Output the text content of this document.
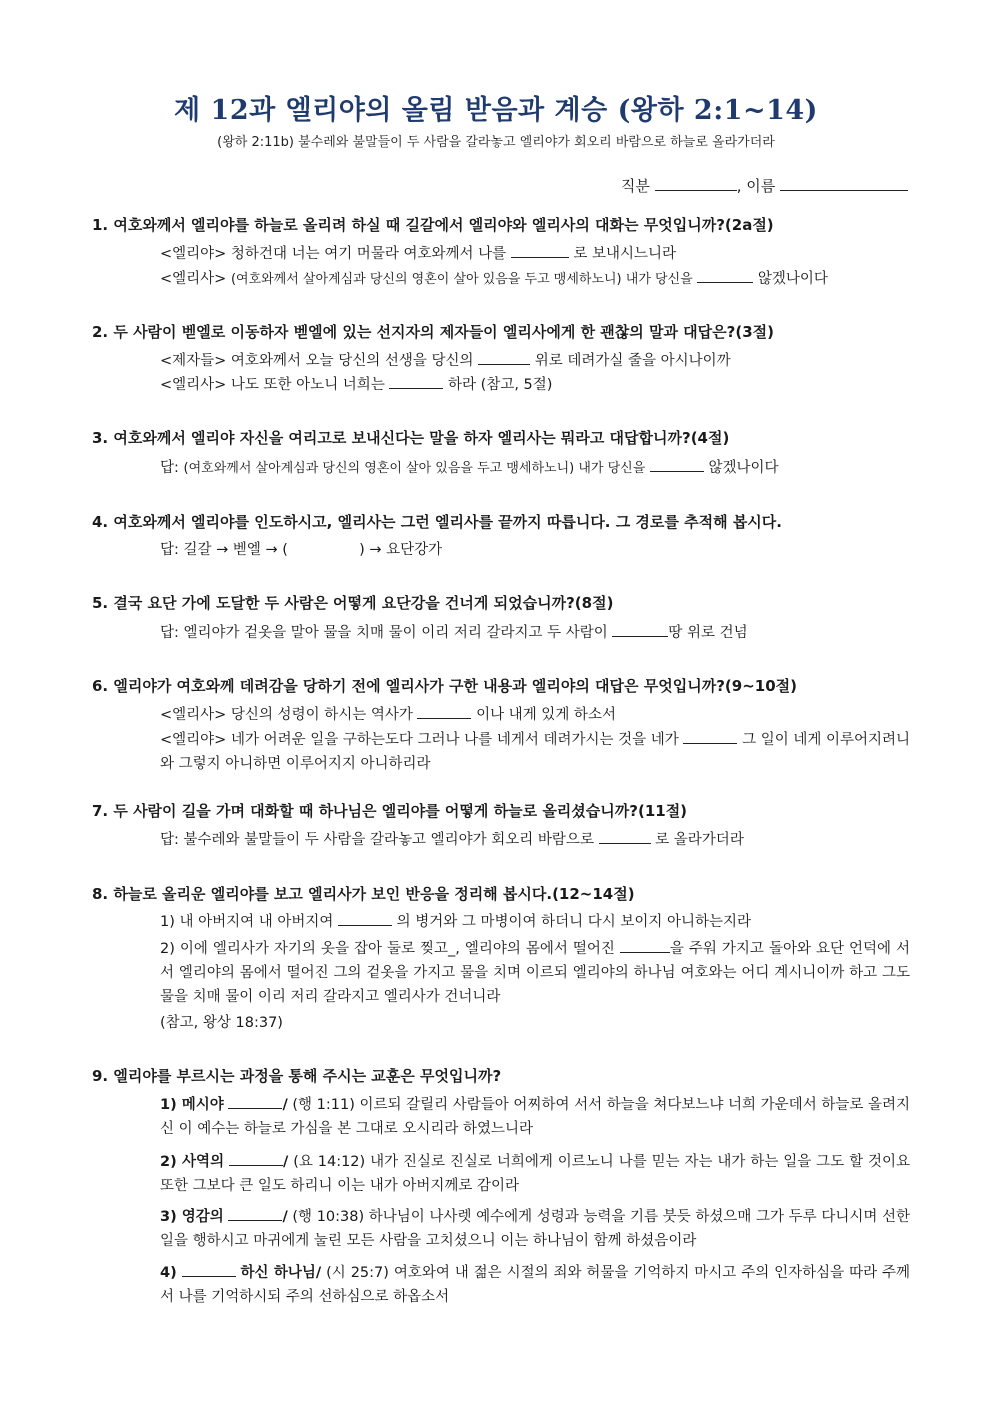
제 12과 엘리야의 올림 받음과 계승 (왕하 2:1~14)
(왕하 2:11b) 불수레와 불말들이 두 사람을 갈라놓고 엘리야가 회오리 바람으로 하늘로 올라가더라
직분	, 이름
1. 여호와께서 엘리야를 하늘로 올리려 하실 때 길갈에서 엘리야와 엘리사의 대화는 무엇입니까?(2a절)
<엘리야> 청하건대 너는 여기 머물라 여호와께서 나를	로 보내시느니라
<엘리사> (여호와께서 살아계심과 당신의 영혼이 살아 있음을 두고 맹세하노니) 내가 당신을	않겠나이다
2. 두 사람이 벧엘로 이동하자 벧엘에 있는 선지자의 제자들이 엘리사에게 한 괜찮의 말과 대답은?(3절)
<제자들> 여호와께서 오늘 당신의 선생을 당신의	위로 데려가실 줄을 아시나이까
<엘리사> 나도 또한 아노니 너희는	하라 (참고, 5절)
3. 여호와께서 엘리야 자신을 여리고로 보내신다는 말을 하자 엘리사는 뭐라고 대답합니까?(4절)
답: (여호와께서 살아계심과 당신의 영혼이 살아 있음을 두고 맹세하노니) 내가 당신을	않겠나이다
4. 여호와께서 엘리야를 인도하시고, 엘리사는 그런 엘리사를 끝까지 따릅니다. 그 경로를 추적해 봅시다.
답: 길갈 → 벧엘 → (	) → 요단강가
5. 결국 요단 가에 도달한 두 사람은 어떻게 요단강을 건너게 되었습니까?(8절)
답: 엘리야가 겉옷을 말아 물을 치매 물이 이리 저리 갈라지고 두 사람이	땅 위로 건넘
6. 엘리야가 여호와께 데려감을 당하기 전에 엘리사가 구한 내용과 엘리야의 대답은 무엇입니까?(9~10절)
<엘리사> 당신의 성령이 하시는 역사가	이나 내게 있게 하소서
<엘리야> 네가 어려운 일을 구하는도다 그러나 나를 네게서 데려가시는 것을 네가	그 일이 네게 이루어지려니와 그렇지 아니하면 이루어지지 아니하리라
7. 두 사람이 길을 가며 대화할 때 하나님은 엘리야를 어떻게 하늘로 올리셨습니까?(11절)
답: 불수레와 불말들이 두 사람을 갈라놓고 엘리야가 회오리 바람으로	로 올라가더라
8. 하늘로 올리운 엘리야를 보고 엘리사가 보인 반응을 정리해 봅시다.(12~14절)
1) 내 아버지여 내 아버지여	의 병거와 그 마병이여 하더니 다시 보이지 아니하는지라
2) 이에 엘리사가 자기의 옷을 잡아 둘로 찢고_, 엘리야의 몸에서 떨어진	을 주워 가지고 돌아와 요단 언덕에 서서 엘리야의 몸에서 떨어진 그의 겉옷을 가지고 물을 치며 이르되 엘리야의 하나님 여호와는 어디 계시니이까 하고 그도 물을 치매 물이 이리 저리 갈라지고 엘리사가 건너니라
(참고, 왕상 18:37)
9. 엘리야를 부르시는 과정을 통해 주시는 교훈은 무엇입니까?
1) 메시야	/ (행 1:11) 이르되 갈릴리 사람들아 어찌하여 서서 하늘을 쳐다보느냐 너희 가운데서 하늘로 올려지신 이 예수는 하늘로 가심을 본 그대로 오시리라 하였느니라
2) 사역의	/ (요 14:12) 내가 진실로 진실로 너희에게 이르노니 나를 믿는 자는 내가 하는 일을 그도 할 것이요 또한 그보다 큰 일도 하리니 이는 내가 아버지께로 감이라
3) 영감의	/ (행 10:38) 하나님이 나사렛 예수에게 성령과 능력을 기름 붓듯 하셨으매 그가 두루 다니시며 선한 일을 행하시고 마귀에게 눌린 모든 사람을 고치셨으니 이는 하나님이 함께 하셨음이라
4)	하신 하나님/ (시 25:7) 여호와여 내 젊은 시절의 죄와 허물을 기억하지 마시고 주의 인자하심을 따라 주께서 나를 기억하시되 주의 선하심으로 하옵소서
